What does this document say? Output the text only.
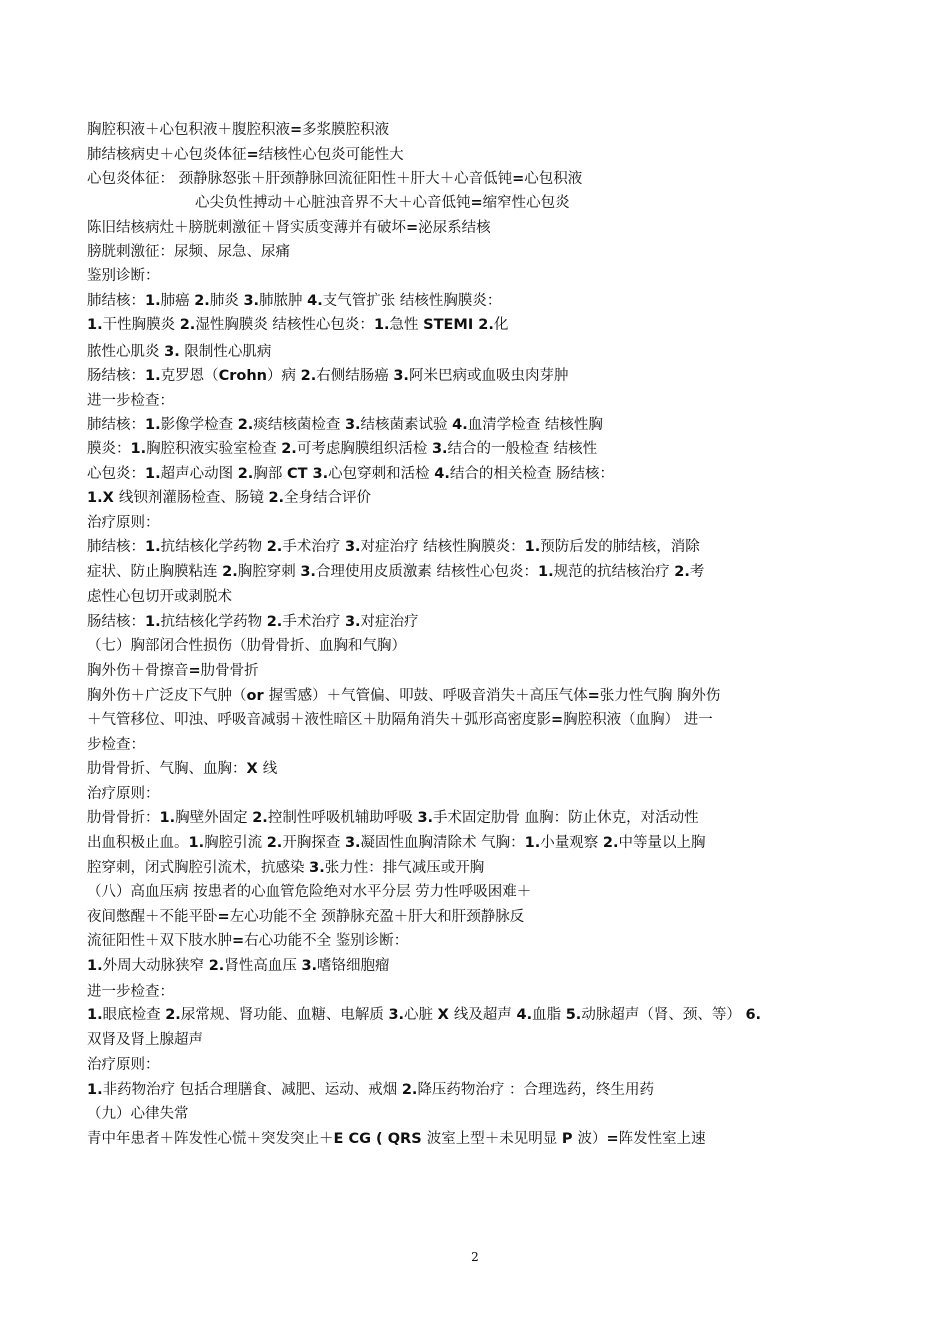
胸腔积液＋心包积液＋腹腔积液=多浆膜腔积液
肺结核病史＋心包炎体征=结核性心包炎可能性大
心包炎体征： 颈静脉怒张＋肝颈静脉回流征阳性＋肝大＋心音低钝=心包积液
心尖负性搏动＋心脏浊音界不大＋心音低钝=缩窄性心包炎
陈旧结核病灶＋膀胱刺激征＋肾实质变薄并有破坏=泌尿系结核
膀胱刺激征：尿频、尿急、尿痛
鉴别诊断：
肺结核：1.肺癌 2.肺炎 3.肺脓肿 4.支气管扩张 结核性胸膜炎：
1.干性胸膜炎 2.湿性胸膜炎 结核性心包炎：1.急性 STEMI 2.化
脓性心肌炎 3. 限制性心肌病
肠结核：1.克罗恩（Crohn）病 2.右侧结肠癌 3.阿米巴病或血吸虫肉芽肿
进一步检查：
肺结核：1.影像学检查 2.痰结核菌检查 3.结核菌素试验 4.血清学检查 结核性胸
膜炎：1.胸腔积液实验室检查 2.可考虑胸膜组织活检 3.结合的一般检查 结核性
心包炎：1.超声心动图 2.胸部 CT 3.心包穿刺和活检 4.结合的相关检查 肠结核：
1.X 线钡剂灌肠检查、肠镜 2.全身结合评价
治疗原则：
肺结核：1.抗结核化学药物 2.手术治疗 3.对症治疗 结核性胸膜炎：1.预防后发的肺结核，消除
症状、防止胸膜粘连 2.胸腔穿刺 3.合理使用皮质激素 结核性心包炎：1.规范的抗结核治疗 2.考
虑性心包切开或剥脱术
肠结核：1.抗结核化学药物 2.手术治疗 3.对症治疗
（七）胸部闭合性损伤（肋骨骨折、血胸和气胸）
胸外伤＋骨擦音=肋骨骨折
胸外伤＋广泛皮下气肿（or 握雪感）＋气管偏、叩鼓、呼吸音消失＋高压气体=张力性气胸 胸外伤
＋气管移位、叩浊、呼吸音减弱＋液性暗区＋肋隔角消失＋弧形高密度影=胸腔积液（血胸） 进一
步检查：
肋骨骨折、气胸、血胸：X 线
治疗原则：
肋骨骨折：1.胸壁外固定 2.控制性呼吸机辅助呼吸 3.手术固定肋骨 血胸：防止休克，对活动性
出血积极止血。1.胸腔引流 2.开胸探查 3.凝固性血胸清除术 气胸：1.小量观察 2.中等量以上胸
腔穿刺，闭式胸腔引流术，抗感染 3.张力性：排气减压或开胸
（八）高血压病 按患者的心血管危险绝对水平分层 劳力性呼吸困难＋
夜间憋醒＋不能平卧=左心功能不全 颈静脉充盈＋肝大和肝颈静脉反
流征阳性＋双下肢水肿=右心功能不全 鉴别诊断：
1.外周大动脉狭窄 2.肾性高血压 3.嗜铬细胞瘤
进一步检查：
1.眼底检查 2.尿常规、肾功能、血糖、电解质 3.心脏 X 线及超声 4.血脂 5.动脉超声（肾、颈、等） 6.
双肾及肾上腺超声
治疗原则：
1.非药物治疗 包括合理膳食、减肥、运动、戒烟 2.降压药物治疗 ：合理选药，终生用药
（九）心律失常
青中年患者＋阵发性心慌＋突发突止＋E CG ( QRS 波室上型＋未见明显 P 波）=阵发性室上速
2
